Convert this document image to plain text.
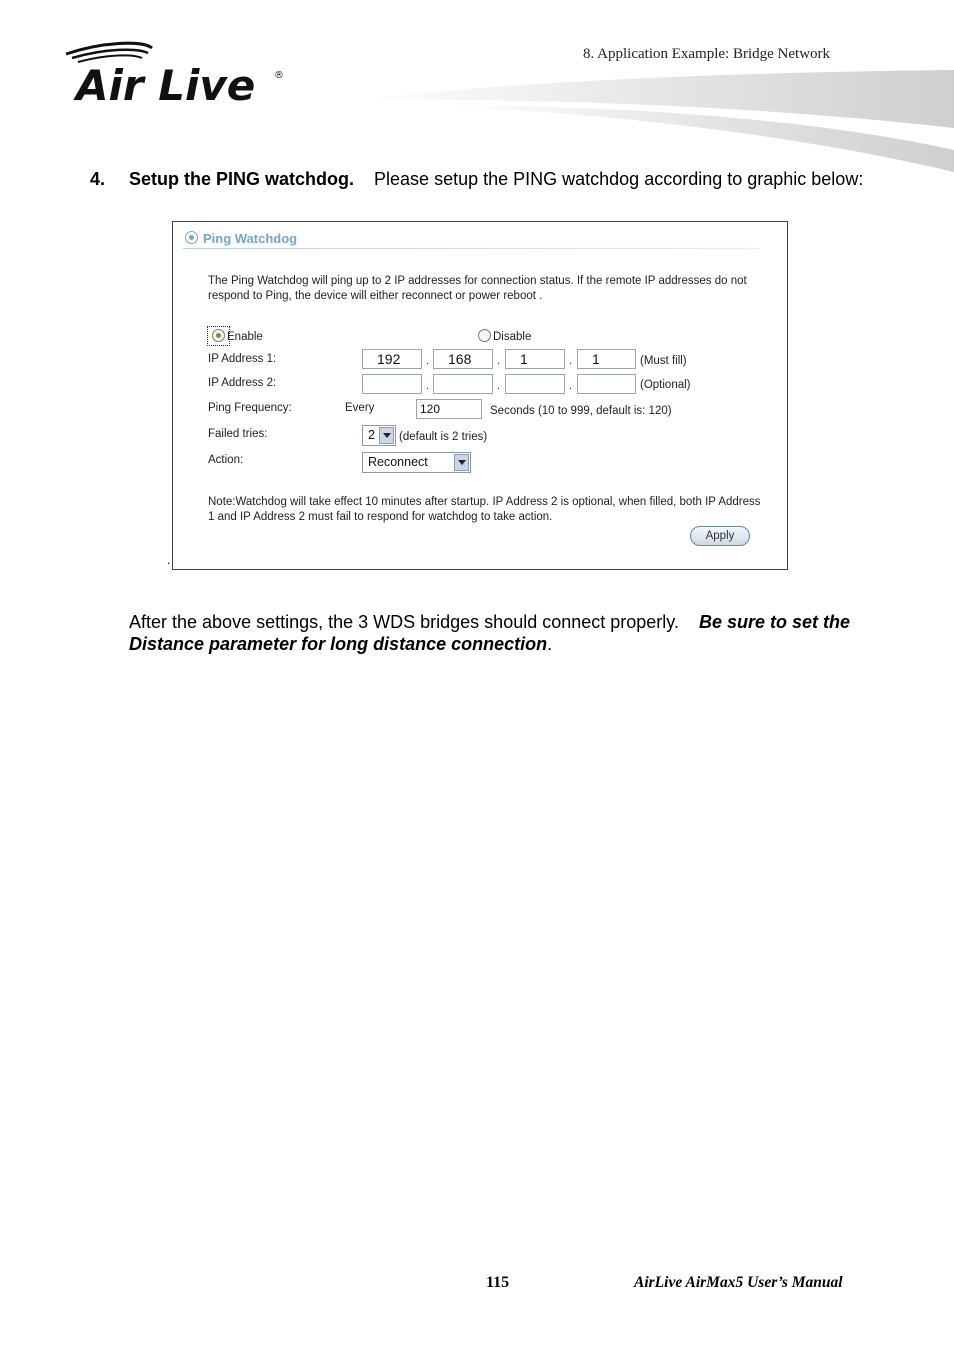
Air Live ®
8. Application Example: Bridge Network
4. Setup the PING watchdog. Please setup the PING watchdog according to graphic below:
Ping Watchdog
The Ping Watchdog will ping up to 2 IP addresses for connection status. If the remote IP addresses do not respond to Ping, the device will either reconnect or power reboot .
Enable	Disable
IP Address 1:	192	.	168	.	1	.	1	(Must fill)
IP Address 2:	.	.	.	(Optional)
Ping Frequency:	Every	120	Seconds (10 to 999, default is: 120)
Failed tries:	2	(default is 2 tries)
Action:	Reconnect
Note:Watchdog will take effect 10 minutes after startup. IP Address 2 is optional, when filled, both IP Address 1 and IP Address 2 must fail to respond for watchdog to take action.
Apply
.
After the above settings, the 3 WDS bridges should connect properly. Be sure to set the Distance parameter for long distance connection.
115	AirLive AirMax5 User’s Manual
